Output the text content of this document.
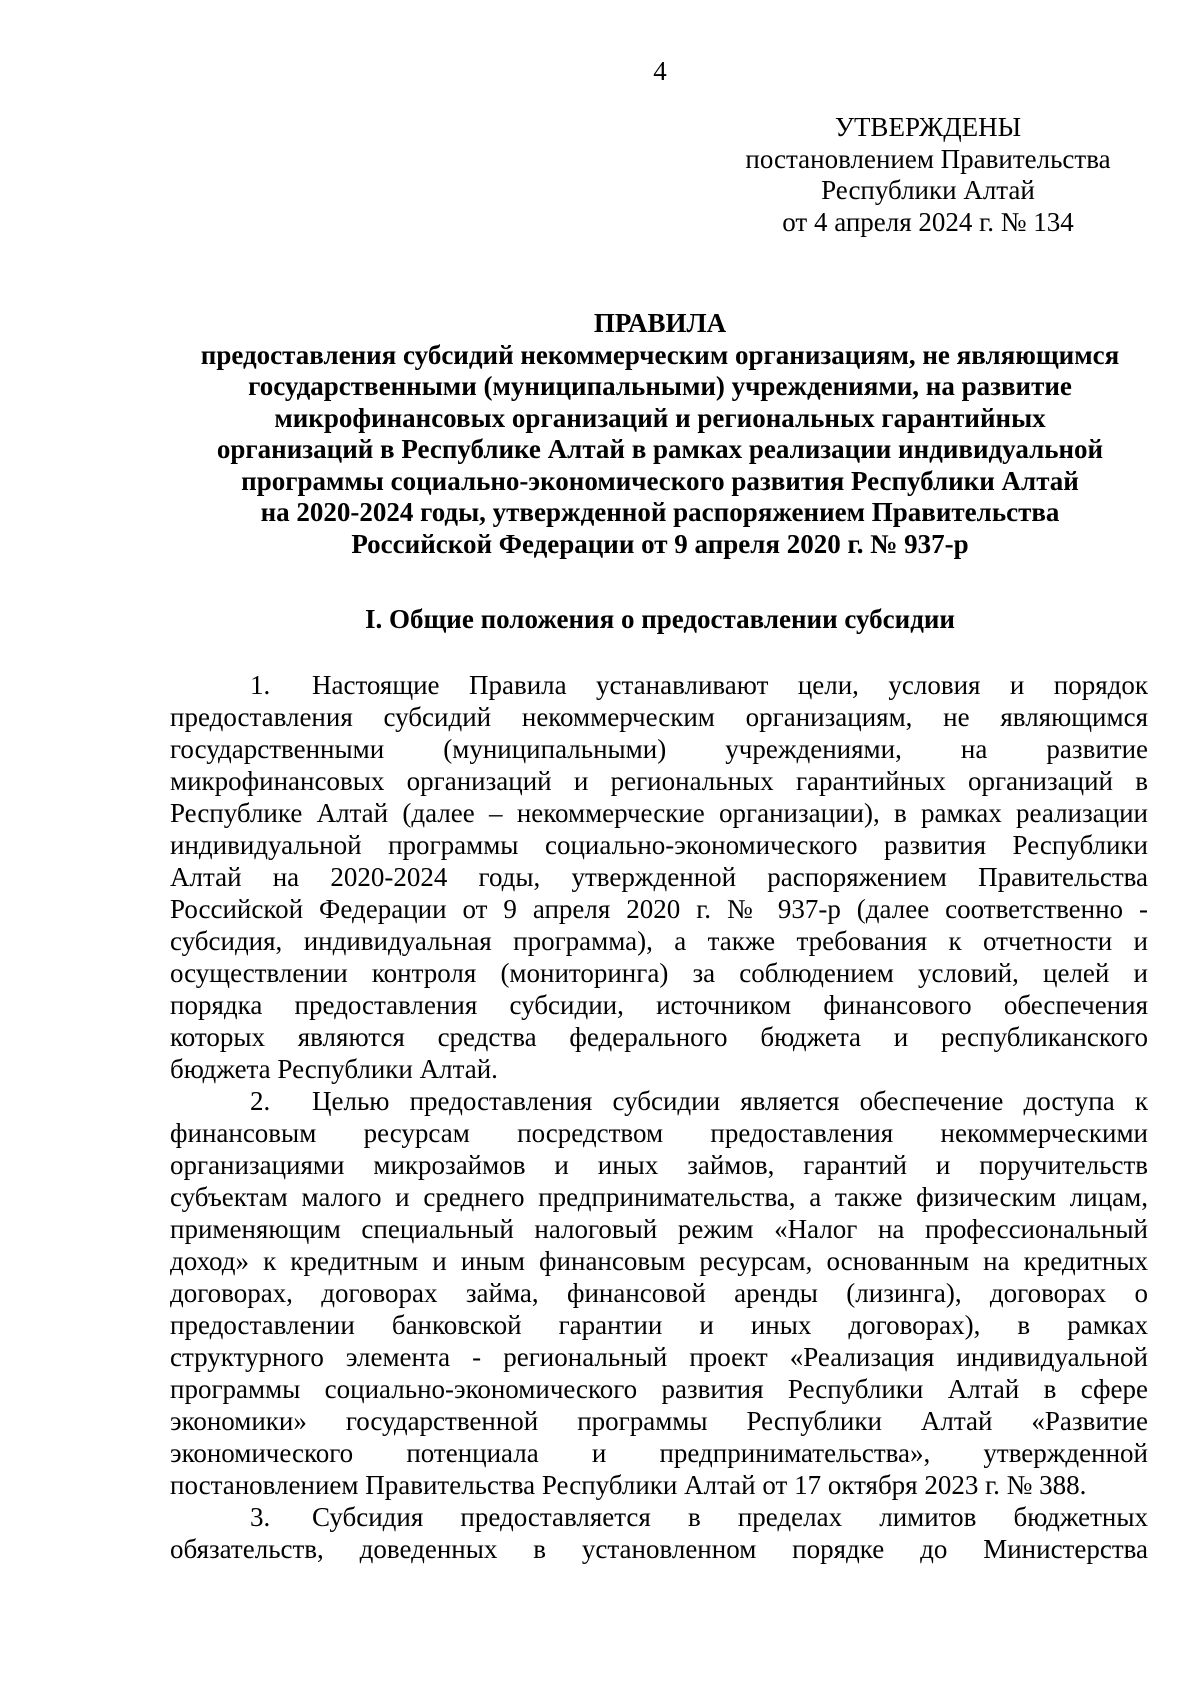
4
УТВЕРЖДЕНЫ
постановлением Правительства
Республики Алтай
от 4 апреля 2024 г. № 134
ПРАВИЛА
предоставления субсидий некоммерческим организациям, не являющимся
государственными (муниципальными) учреждениями, на развитие
микрофинансовых организаций и региональных гарантийных
организаций в Республике Алтай в рамках реализации индивидуальной
программы социально-экономического развития Республики Алтай
на 2020-2024 годы, утвержденной распоряжением Правительства
Российской Федерации от 9 апреля 2020 г. № 937-р
I. Общие положения о предоставлении субсидии
1. Настоящие Правила устанавливают цели, условия и порядок
предоставления субсидий некоммерческим организациям, не являющимся
государственными (муниципальными) учреждениями, на развитие
микрофинансовых организаций и региональных гарантийных организаций в
Республике Алтай (далее – некоммерческие организации), в рамках реализации
индивидуальной программы социально-экономического развития Республики
Алтай на 2020-2024 годы, утвержденной распоряжением Правительства
Российской Федерации от 9 апреля 2020 г. № 937-р (далее соответственно -
субсидия, индивидуальная программа), а также требования к отчетности и
осуществлении контроля (мониторинга) за соблюдением условий, целей и
порядка предоставления субсидии, источником финансового обеспечения
которых являются средства федерального бюджета и республиканского
бюджета Республики Алтай.
2. Целью предоставления субсидии является обеспечение доступа к
финансовым ресурсам посредством предоставления некоммерческими
организациями микрозаймов и иных займов, гарантий и поручительств
субъектам малого и среднего предпринимательства, а также физическим лицам,
применяющим специальный налоговый режим «Налог на профессиональный
доход» к кредитным и иным финансовым ресурсам, основанным на кредитных
договорах, договорах займа, финансовой аренды (лизинга), договорах о
предоставлении банковской гарантии и иных договорах), в рамках
структурного элемента - региональный проект «Реализация индивидуальной
программы социально-экономического развития Республики Алтай в сфере
экономики» государственной программы Республики Алтай «Развитие
экономического потенциала и предпринимательства», утвержденной
постановлением Правительства Республики Алтай от 17 октября 2023 г. № 388.
3. Субсидия предоставляется в пределах лимитов бюджетных
обязательств, доведенных в установленном порядке до Министерства
